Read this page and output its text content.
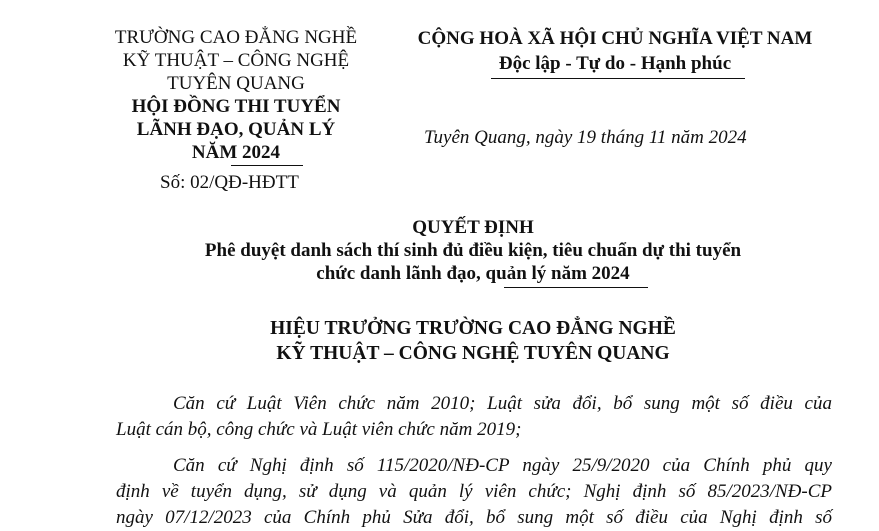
TRƯỜNG CAO ĐẲNG NGHỀ
KỸ THUẬT – CÔNG NGHỆ
TUYÊN QUANG
HỘI ĐỒNG THI TUYỂN
LÃNH ĐẠO, QUẢN LÝ
NĂM 2024
Số: 02/QĐ-HĐTT
CỘNG HOÀ XÃ HỘI CHỦ NGHĨA VIỆT NAM
Độc lập - Tự do - Hạnh phúc
Tuyên Quang, ngày 19 tháng 11 năm 2024
QUYẾT ĐỊNH
Phê duyệt danh sách thí sinh đủ điều kiện, tiêu chuẩn dự thi tuyển
chức danh lãnh đạo, quản lý năm 2024
HIỆU TRƯỞNG TRƯỜNG CAO ĐẲNG NGHỀ
KỸ THUẬT – CÔNG NGHỆ TUYÊN QUANG
Căn cứ Luật Viên chức năm 2010; Luật sửa đổi, bổ sung một số điều của
Luật cán bộ, công chức và Luật viên chức năm 2019;
Căn cứ Nghị định số 115/2020/NĐ-CP ngày 25/9/2020 của Chính phủ quy
định về tuyển dụng, sử dụng và quản lý viên chức; Nghị định số 85/2023/NĐ-CP
ngày 07/12/2023 của Chính phủ Sửa đổi, bổ sung một số điều của Nghị định số
